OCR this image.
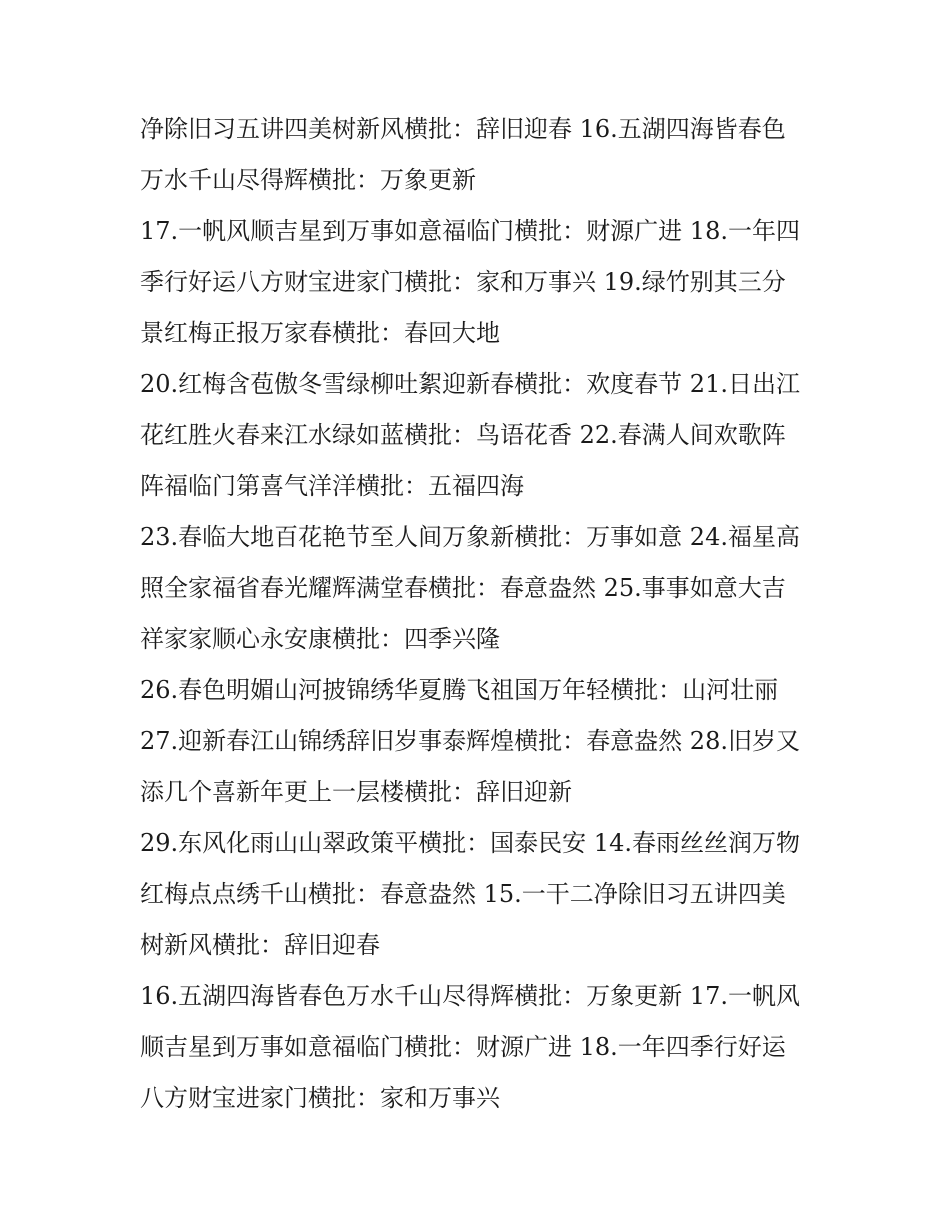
净除旧习五讲四美树新风横批：辞旧迎春 16.五湖四海皆春色
万水千山尽得辉横批：万象更新
17.一帆风顺吉星到万事如意福临门横批：财源广进 18.一年四
季行好运八方财宝进家门横批：家和万事兴 19.绿竹别其三分
景红梅正报万家春横批：春回大地
20.红梅含苞傲冬雪绿柳吐絮迎新春横批：欢度春节 21.日出江
花红胜火春来江水绿如蓝横批：鸟语花香 22.春满人间欢歌阵
阵福临门第喜气洋洋横批：五福四海
23.春临大地百花艳节至人间万象新横批：万事如意 24.福星高
照全家福省春光耀辉满堂春横批：春意盎然 25.事事如意大吉
祥家家顺心永安康横批：四季兴隆
26.春色明媚山河披锦绣华夏腾飞祖国万年轻横批：山河壮丽
27.迎新春江山锦绣辞旧岁事泰辉煌横批：春意盎然 28.旧岁又
添几个喜新年更上一层楼横批：辞旧迎新
29.东风化雨山山翠政策平横批：国泰民安 14.春雨丝丝润万物
红梅点点绣千山横批：春意盎然 15.一干二净除旧习五讲四美
树新风横批：辞旧迎春
16.五湖四海皆春色万水千山尽得辉横批：万象更新 17.一帆风
顺吉星到万事如意福临门横批：财源广进 18.一年四季行好运
八方财宝进家门横批：家和万事兴
